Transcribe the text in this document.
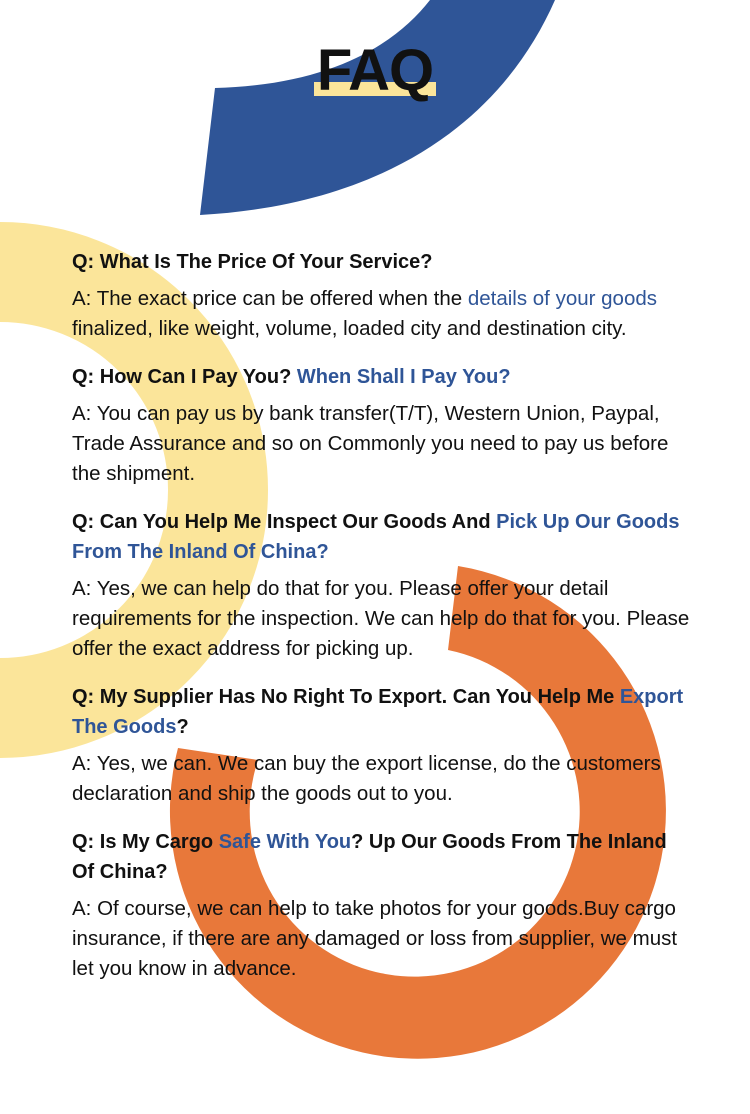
FAQ

Q: What Is The Price Of Your Service?

A: The exact price can be offered when the details of your goods finalized, like weight, volume, loaded city and destination city.

Q: How Can I Pay You? When Shall I Pay You?

A: You can pay us by bank transfer(T/T), Western Union, Paypal, Trade Assurance and so on Commonly you need to pay us before the shipment.

Q: Can You Help Me Inspect Our Goods And Pick Up Our Goods From The Inland Of China?

A: Yes, we can help do that for you. Please offer your detail requirements for the inspection. We can help do that for you. Please offer the exact address for picking up.

Q: My Supplier Has No Right To Export. Can You Help Me Export The Goods?

A: Yes, we can. We can buy the export license, do the customers declaration and ship the goods out to you.

Q: Is My Cargo Safe With You? Up Our Goods From The Inland Of China?

A: Of course, we can help to take photos for your goods.Buy cargo insurance, if there are any damaged or loss from supplier, we must let you know in advance.
